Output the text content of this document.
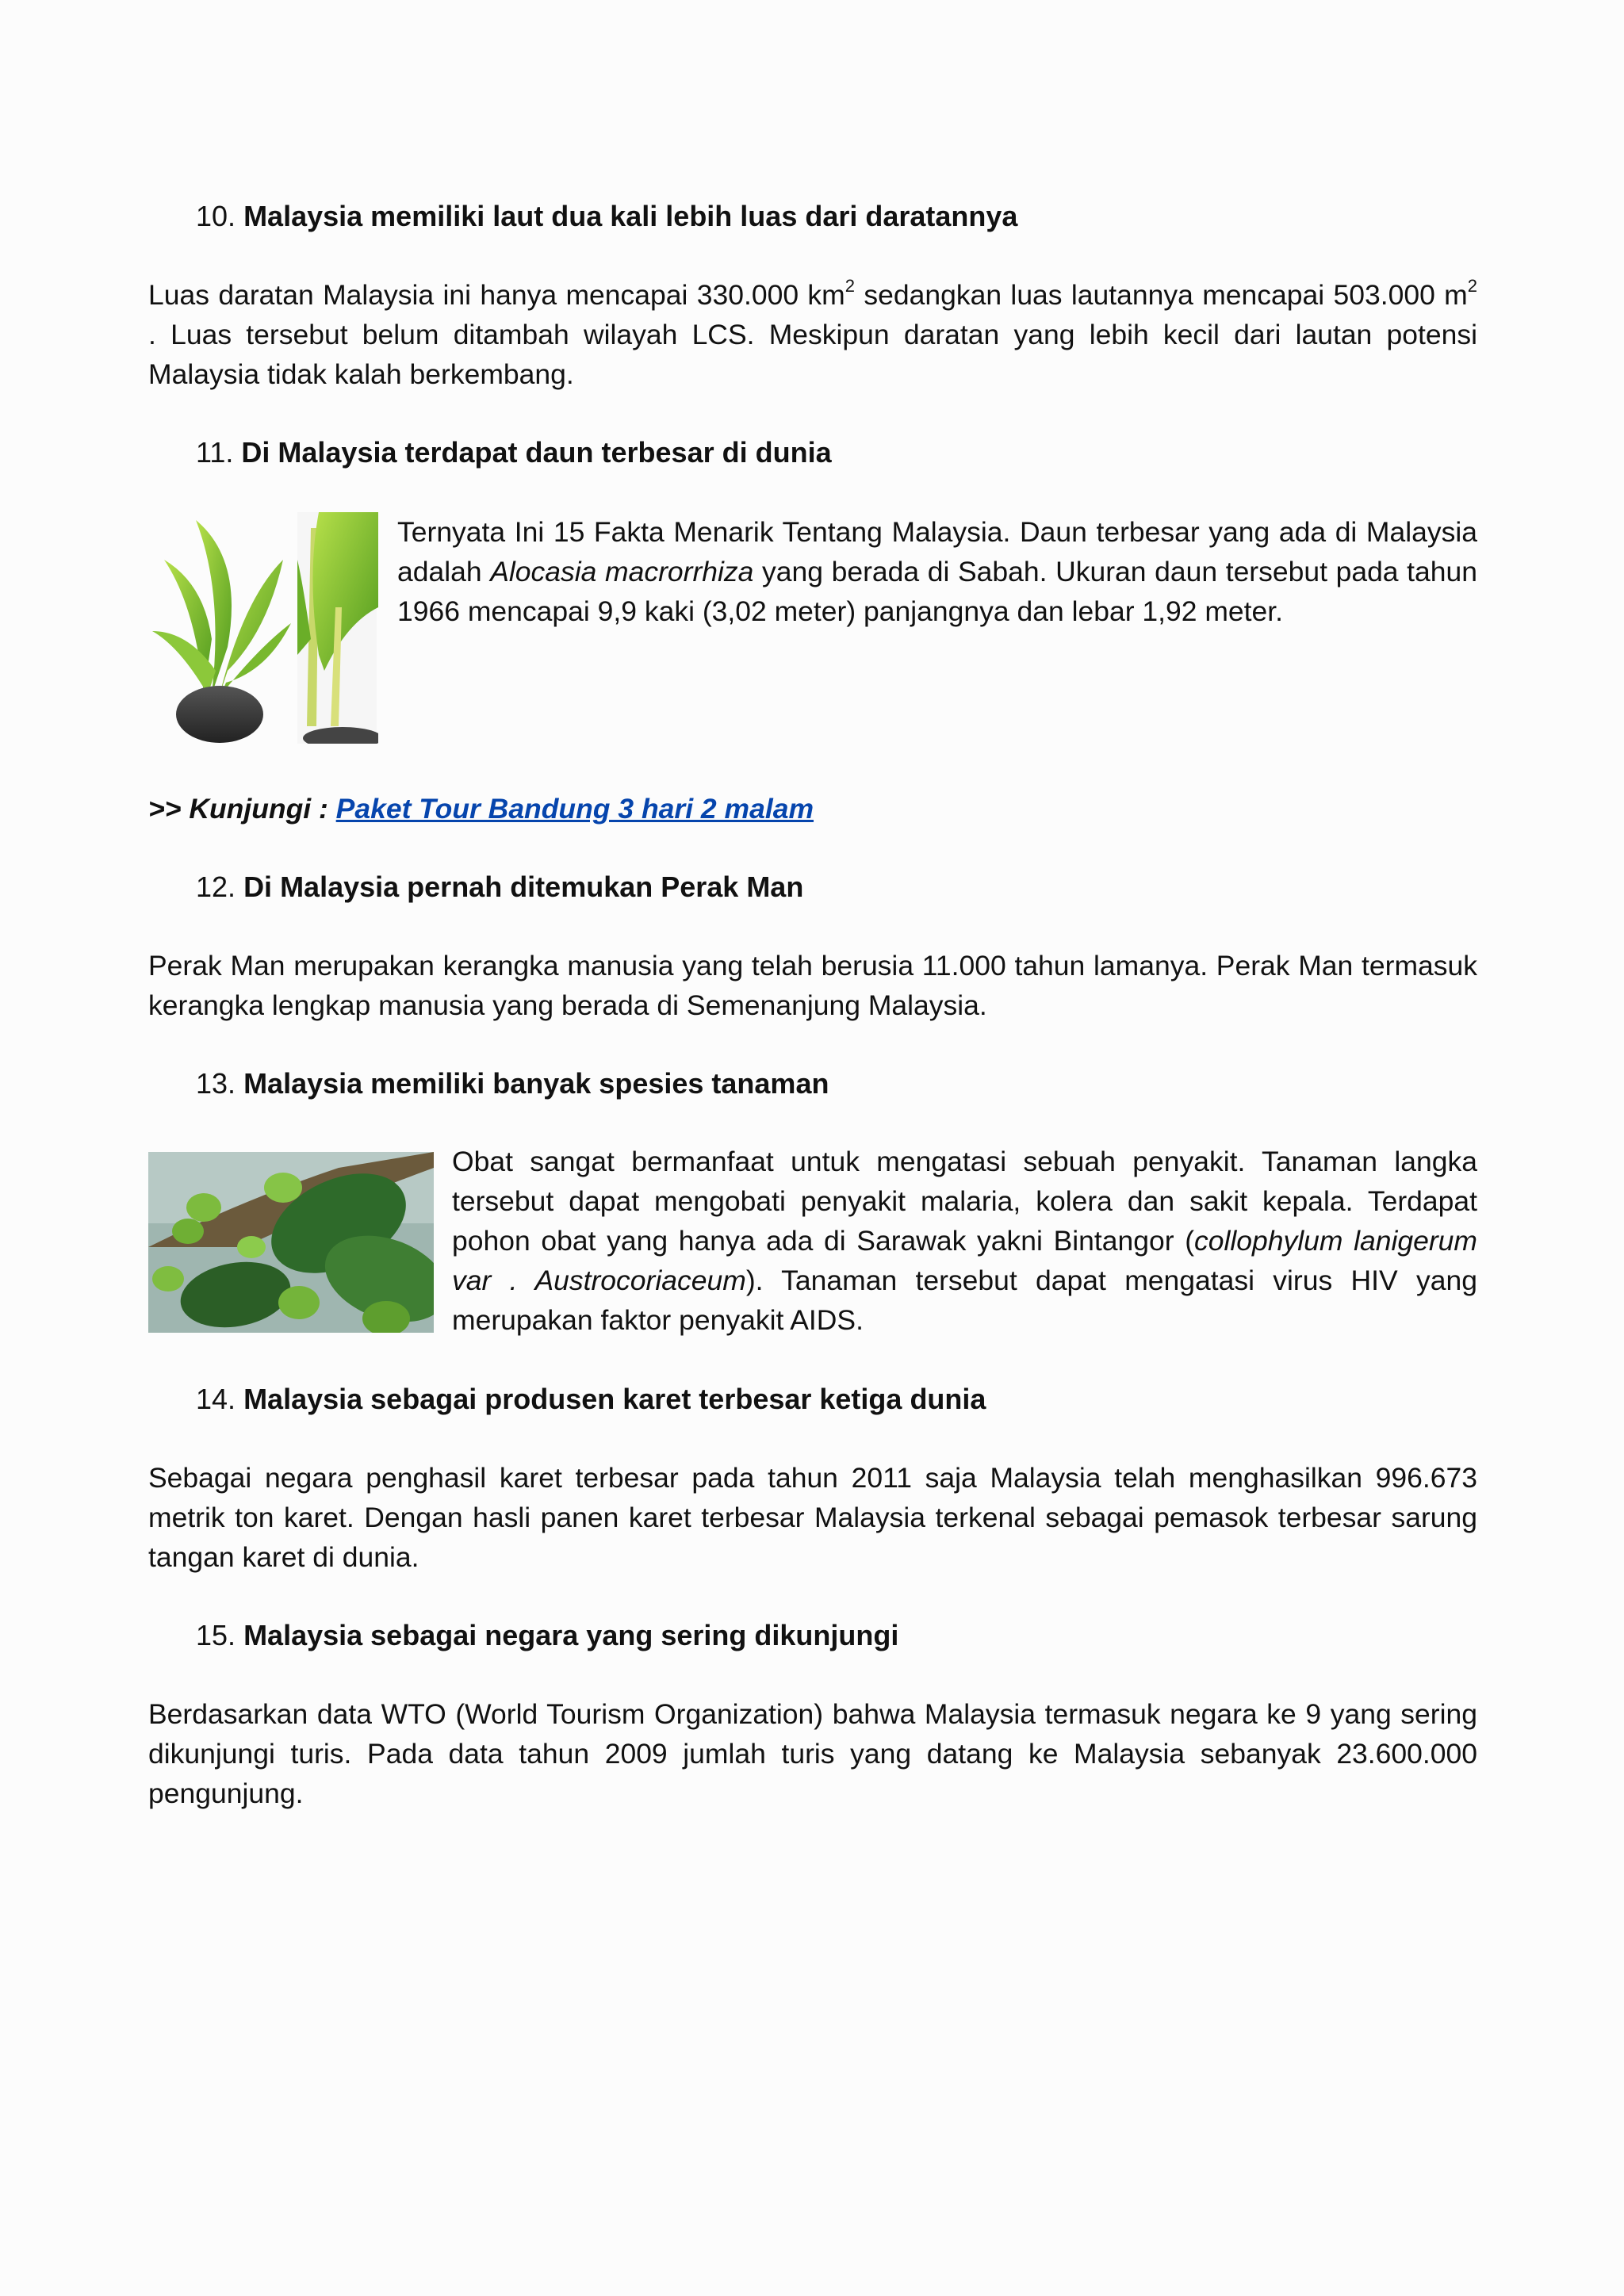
10. Malaysia memiliki laut dua kali lebih luas dari daratannya
Luas daratan Malaysia ini hanya mencapai 330.000 $km^2$ sedangkan luas lautannya mencapai 503.000 $m^2$ . Luas tersebut belum ditambah wilayah LCS. Meskipun daratan yang lebih kecil dari lautan potensi Malaysia tidak kalah berkembang.
11. Di Malaysia terdapat daun terbesar di dunia
Ternyata Ini 15 Fakta Menarik Tentang Malaysia. Daun terbesar yang ada di Malaysia adalah Alocasia macrorrhiza yang berada di Sabah. Ukuran daun tersebut pada tahun 1966 mencapai 9,9 kaki (3,02 meter) panjangnya dan lebar 1,92 meter.
>> Kunjungi : Paket Tour Bandung 3 hari 2 malam
12. Di Malaysia pernah ditemukan Perak Man
Perak Man merupakan kerangka manusia yang telah berusia 11.000 tahun lamanya. Perak Man termasuk kerangka lengkap manusia yang berada di Semenanjung Malaysia.
13. Malaysia memiliki banyak spesies tanaman
Obat sangat bermanfaat untuk mengatasi sebuah penyakit. Tanaman langka tersebut dapat mengobati penyakit malaria, kolera dan sakit kepala. Terdapat pohon obat yang hanya ada di Sarawak yakni Bintangor (collophylum lanigerum var . Austrocoriaceum). Tanaman tersebut dapat mengatasi virus HIV yang merupakan faktor penyakit AIDS.
14. Malaysia sebagai produsen karet terbesar ketiga dunia
Sebagai negara penghasil karet terbesar pada tahun 2011 saja Malaysia telah menghasilkan 996.673 metrik ton karet. Dengan hasli panen karet terbesar Malaysia terkenal sebagai pemasok terbesar sarung tangan karet di dunia.
15. Malaysia sebagai negara yang sering dikunjungi
Berdasarkan data WTO (World Tourism Organization) bahwa Malaysia termasuk negara ke 9 yang sering dikunjungi turis. Pada data tahun 2009 jumlah turis yang datang ke Malaysia sebanyak 23.600.000 pengunjung.
